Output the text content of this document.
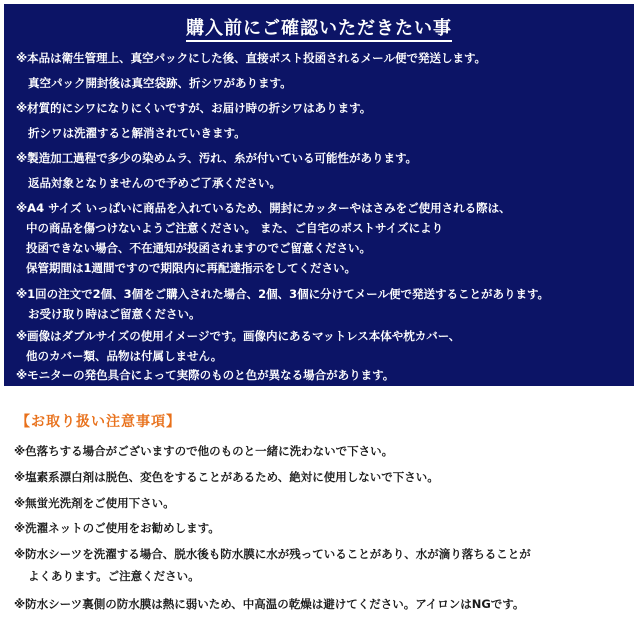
購入前にご確認いただきたい事
※本品は衛生管理上、真空パックにした後、直接ポスト投函されるメール便で発送します。
真空パック開封後は真空袋跡、折シワがあります。
※材質的にシワになりにくいですが、お届け時の折シワはあります。
折シワは洗濯すると解消されていきます。
※製造加工過程で多少の染めムラ、汚れ、糸が付いている可能性があります。
返品対象となりませんので予めご了承ください。
※A4 サイズ いっぱいに商品を入れているため、開封にカッターやはさみをご使用される際は、
中の商品を傷つけないようご注意ください。 また、ご自宅のポストサイズにより
投函できない場合、不在通知が投函されますのでご留意ください。
保管期間は1週間ですので期限内に再配達指示をしてください。
※1回の注文で2個、3個をご購入された場合、2個、3個に分けてメール便で発送することがあります。
お受け取り時はご留意ください。
※画像はダブルサイズの使用イメージです。画像内にあるマットレス本体や枕カバー、
他のカバー類、品物は付属しません。
※モニターの発色具合によって実際のものと色が異なる場合があります。
【お取り扱い注意事項】
※色落ちする場合がございますので他のものと一緒に洗わないで下さい。
※塩素系漂白剤は脱色、変色をすることがあるため、絶対に使用しないで下さい。
※無蛍光洗剤をご使用下さい。
※洗濯ネットのご使用をお勧めします。
※防水シーツを洗濯する場合、脱水後も防水膜に水が残っていることがあり、水が滴り落ちることが
よくあります。ご注意ください。
※防水シーツ裏側の防水膜は熱に弱いため、中高温の乾燥は避けてください。アイロンはNGです。
